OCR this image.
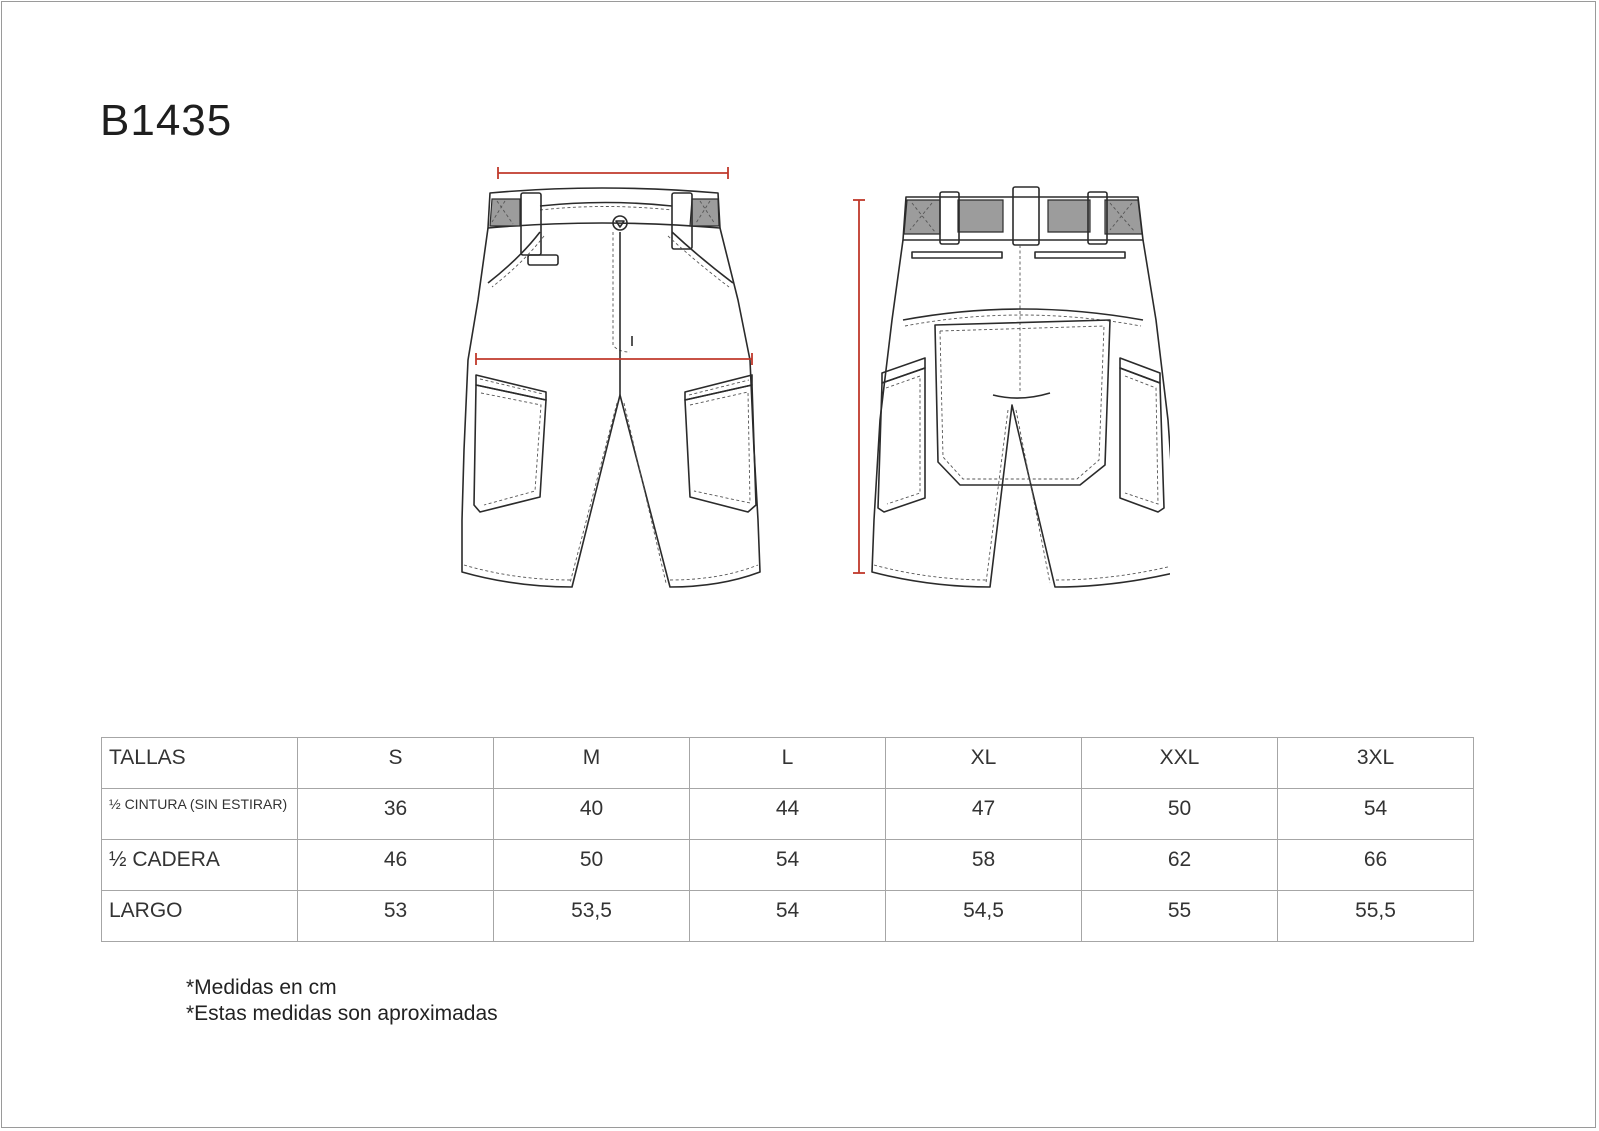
B1435
TALLAS	S	M	L	XL	XXL	3XL
½ CINTURA (SIN ESTIRAR)	36	40	44	47	50	54
½ CADERA	46	50	54	58	62	66
LARGO	53	53,5	54	54,5	55	55,5
*Medidas en cm
*Estas medidas son aproximadas
